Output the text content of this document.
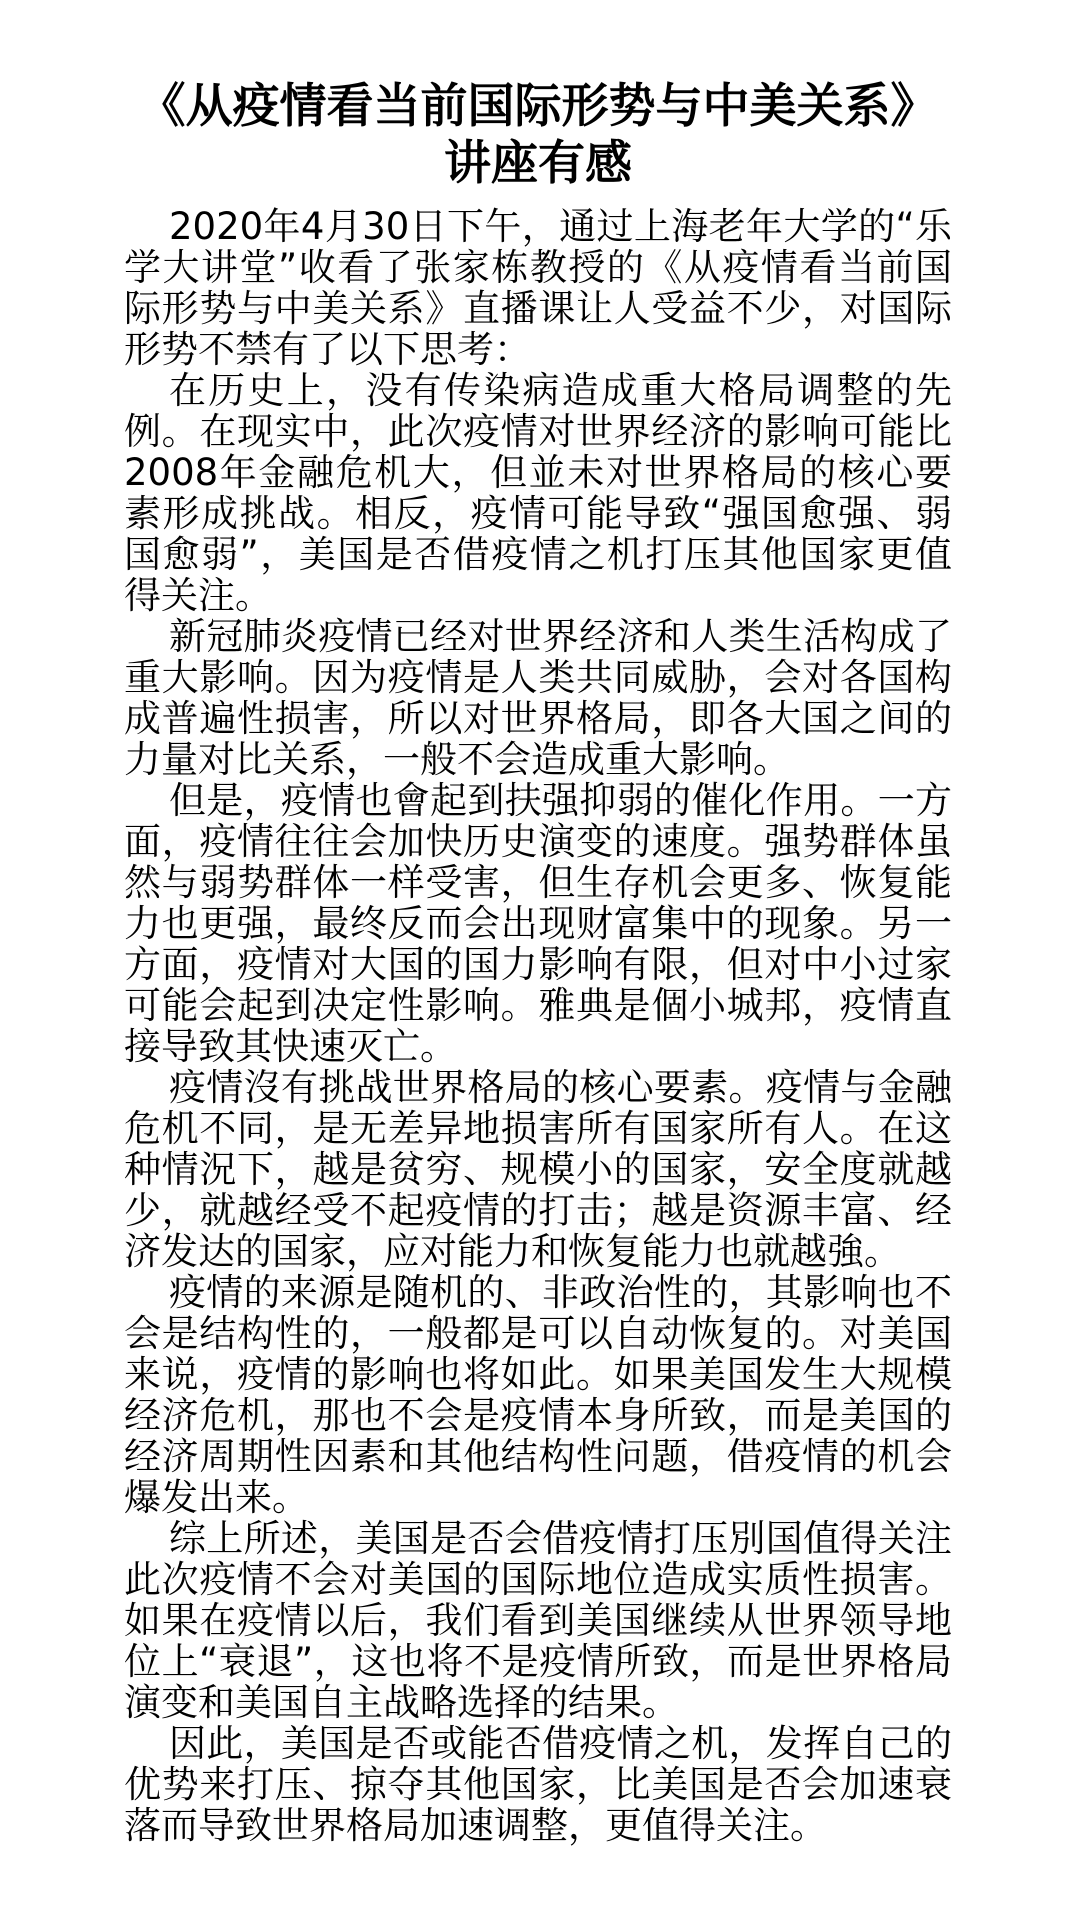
《从疫情看当前国际形势与中美关系》
讲座有感

2020年4月30日下午，通过上海老年大学的“乐学大讲堂”收看了张家栋教授的《从疫情看当前国际形势与中美关系》直播课让人受益不少，对国际形势不禁有了以下思考：

在历史上，没有传染病造成重大格局调整的先例。在现实中，此次疫情对世界经济的影响可能比2008年金融危机大，但並未对世界格局的核心要素形成挑战。相反，疫情可能导致“强国愈强、弱国愈弱”，美国是否借疫情之机打压其他国家更值得关注。

新冠肺炎疫情已经对世界经济和人类生活构成了重大影响。因为疫情是人类共同威胁，会对各国构成普遍性损害，所以对世界格局，即各大国之间的力量对比关系，一般不会造成重大影响。

但是，疫情也會起到扶强抑弱的催化作用。一方面，疫情往往会加快历史演变的速度。强势群体虽然与弱势群体一样受害，但生存机会更多、恢复能力也更强，最终反而会出现财富集中的现象。另一方面，疫情对大国的国力影响有限，但对中小过家可能会起到决定性影响。雅典是個小城邦，疫情直接导致其快速灭亡。

疫情沒有挑战世界格局的核心要素。疫情与金融危机不同，是无差异地损害所有国家所有人。在这种情況下，越是贫穷、规模小的国家，安全度就越少，就越经受不起疫情的打击；越是资源丰富、经济发达的国家，应对能力和恢复能力也就越強。

疫情的来源是随机的、非政治性的，其影响也不会是结构性的，一般都是可以自动恢复的。对美国来说，疫情的影响也将如此。如果美国发生大规模经济危机，那也不会是疫情本身所致，而是美国的经济周期性因素和其他结构性问题，借疫情的机会爆发出来。

综上所述，美国是否会借疫情打压別国值得关注此次疫情不会对美国的国际地位造成实质性损害。如果在疫情以后，我们看到美国继续从世界领导地位上“衰退”，这也将不是疫情所致，而是世界格局演变和美国自主战略选择的结果。

因此，美国是否或能否借疫情之机，发挥自己的优势来打压、掠夺其他国家，比美国是否会加速衰落而导致世界格局加速调整，更值得关注。
